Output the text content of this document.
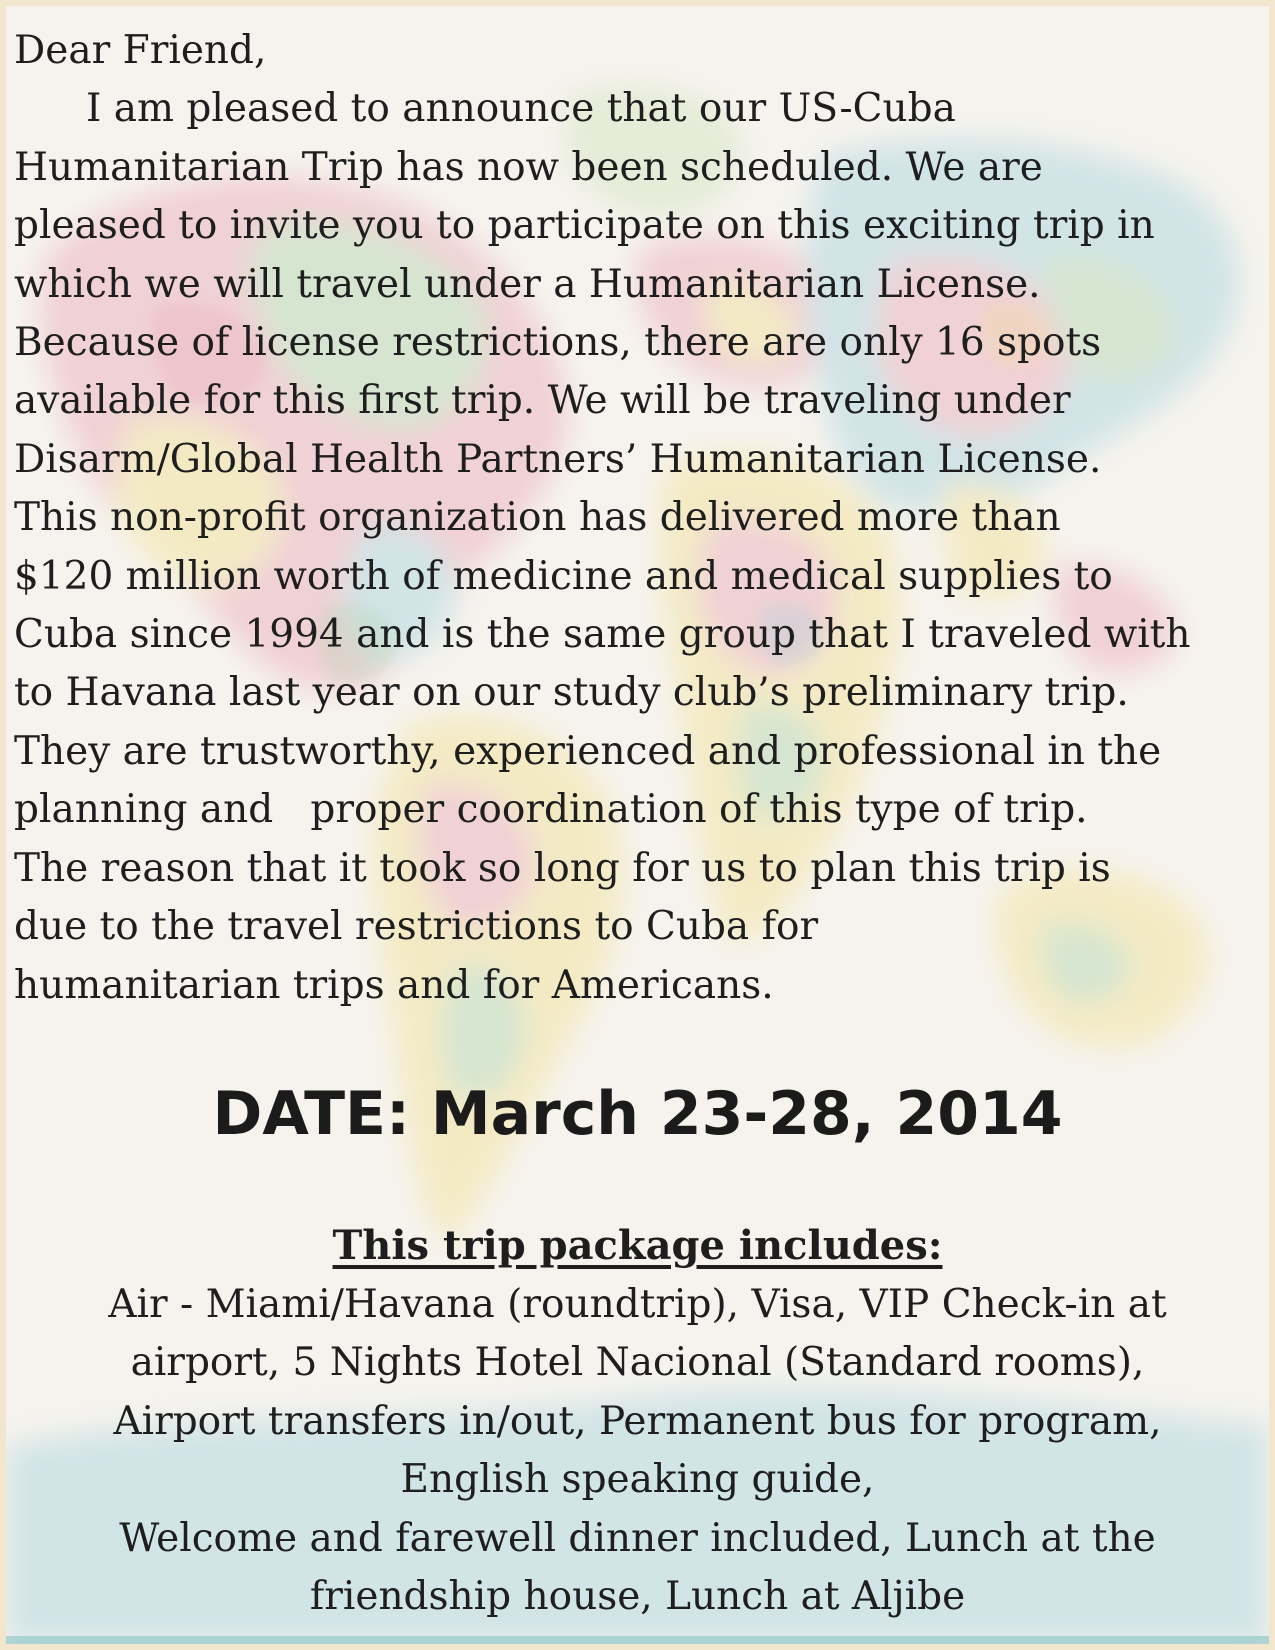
Dear Friend,
I am pleased to announce that our US-Cuba
Humanitarian Trip has now been scheduled. We are
pleased to invite you to participate on this exciting trip in
which we will travel under a Humanitarian License.
Because of license restrictions, there are only 16 spots
available for this first trip. We will be traveling under
Disarm/Global Health Partners’ Humanitarian License.
This non-profit organization has delivered more than
$120 million worth of medicine and medical supplies to
Cuba since 1994 and is the same group that I traveled with
to Havana last year on our study club’s preliminary trip.
They are trustworthy, experienced and professional in the
planning and   proper coordination of this type of trip.
The reason that it took so long for us to plan this trip is
due to the travel restrictions to Cuba for
humanitarian trips and for Americans.
DATE: March 23-28, 2014
This trip package includes:
Air - Miami/Havana (roundtrip), Visa, VIP Check-in at
airport, 5 Nights Hotel Nacional (Standard rooms),
Airport transfers in/out, Permanent bus for program,
English speaking guide,
Welcome and farewell dinner included, Lunch at the
friendship house, Lunch at Aljibe
